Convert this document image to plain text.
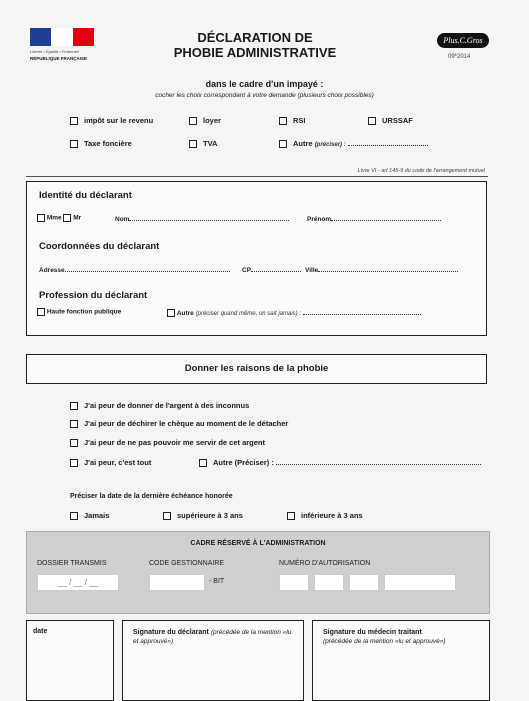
Liberté • Égalité • Fraternité
RÉPUBLIQUE FRANÇAISE
DÉCLARATION DE
PHOBIE ADMINISTRATIVE
Plus.C.Gros
09*2014
dans le cadre d'un impayé :
cocher les choix correspondant à votre demande (plusieurs choix possibles)
impôt sur le revenu	loyer	RSI	URSSAF
Taxe foncière	TVA	Autre (préciser) :
Livre VI - art 145-9 du code de l'arrangement mutuel
Identité du déclarant
Mme Mr	Nom	Prénom
Coordonnées du déclarant
Adresse	CP	Ville
Profession du déclarant
Haute fonction publique	Autre (préciser quand même, on sait jamais) :
Donner les raisons de la phobie
J'ai peur de donner de l'argent à des inconnus
J'ai peur de déchirer le chèque au moment de le détacher
J'ai peur de ne pas pouvoir me servir de cet argent
J'ai peur, c'est tout	Autre (Préciser) :
Préciser la date de la dernière échéance honorée
Jamais	supérieure à 3 ans	inférieure à 3 ans
CADRE RÉSERVÉ À L'ADMINISTRATION
DOSSIER TRANSMIS
__ / __ / __
CODE GESTIONNAIRE
- BIT
NUMÉRO D'AUTORISATION
date	Signature du déclarant (précédée de la mention «lu et approuvé»)
Signature du médecin traitant
(précédée de la mention «lu et approuvé»)
